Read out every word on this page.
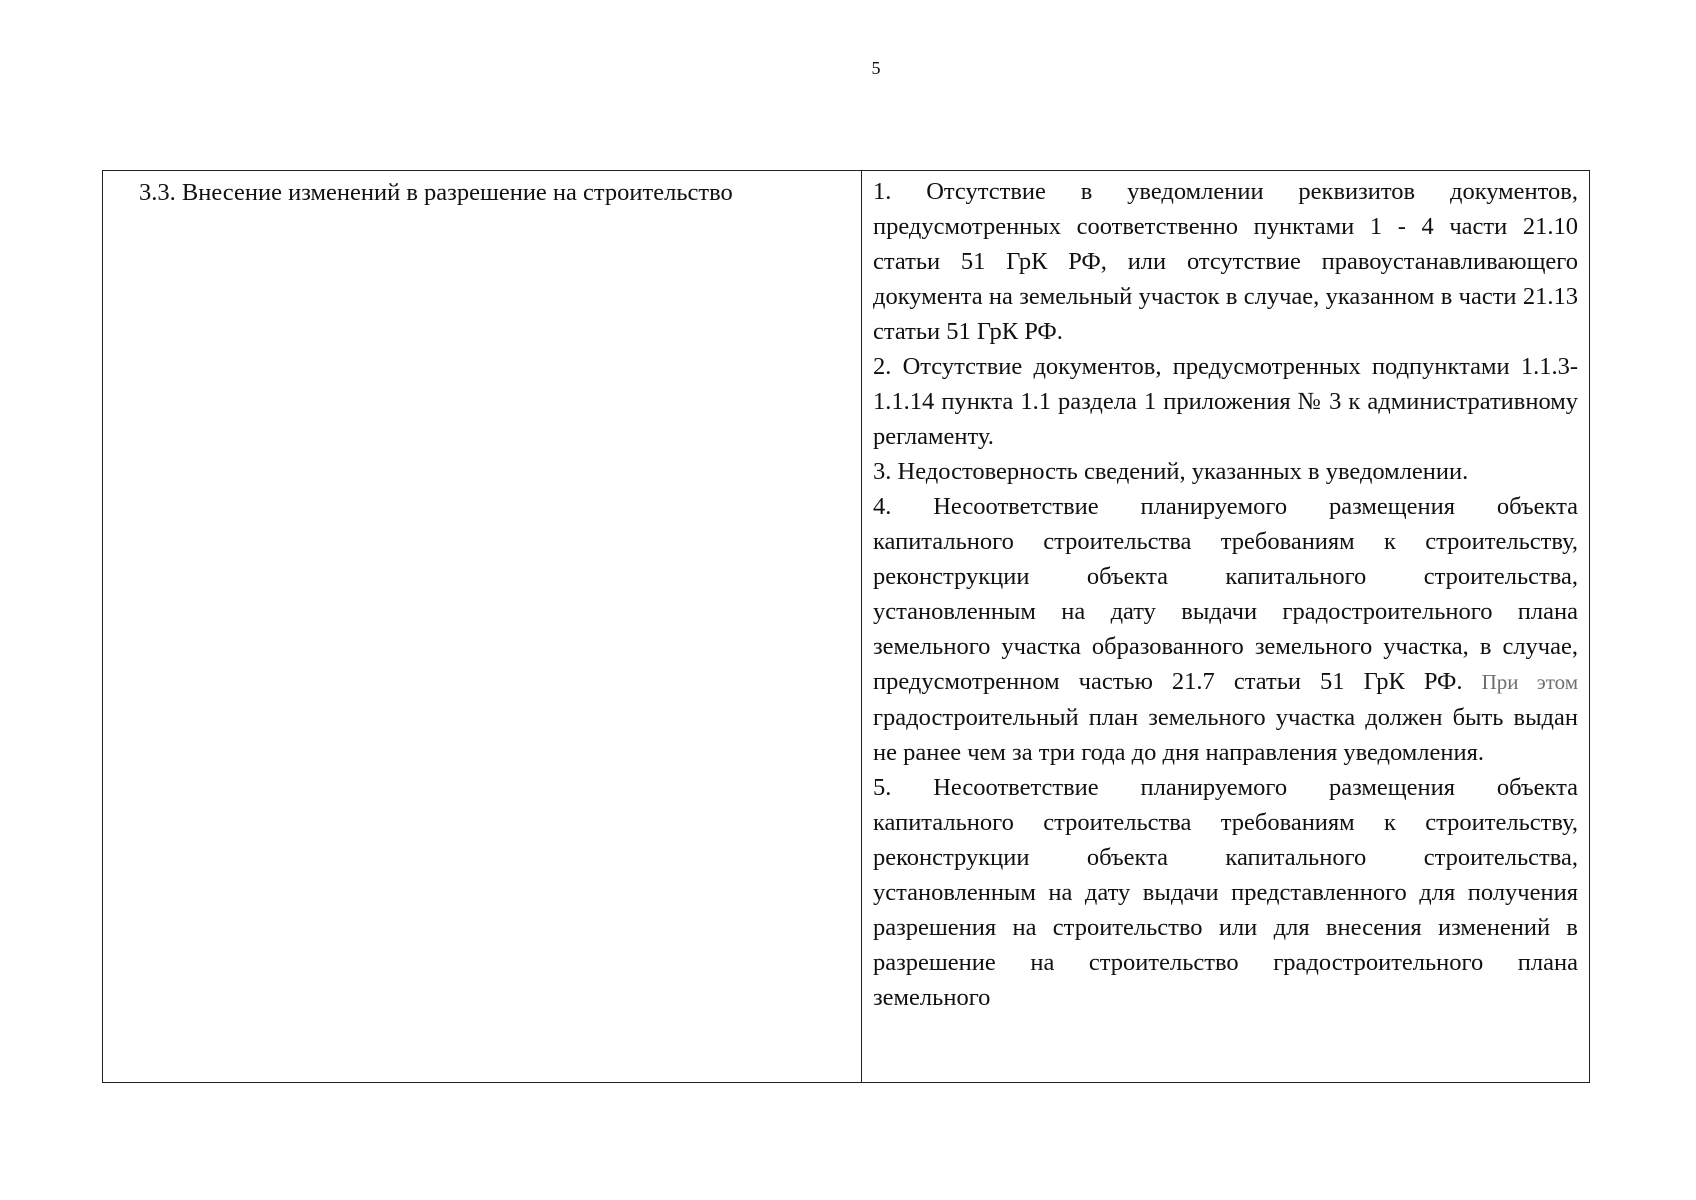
5
3.3. Внесение изменений в разрешение на строительство	1. Отсутствие в уведомлении реквизитов документов, предусмотренных соответственно пунктами 1 - 4 части 21.10 статьи 51 ГрК РФ, или отсутствие правоустанавливающего документа на земельный участок в случае, указанном в части 21.13 статьи 51 ГрК РФ.

2. Отсутствие документов, предусмотренных подпунктами 1.1.3-1.1.14 пункта 1.1 раздела 1 приложения № 3 к административному регламенту.

3. Недостоверность сведений, указанных в уведомлении.

4. Несоответствие планируемого размещения объекта капитального строительства требованиям к строительству, реконструкции объекта капитального строительства, установленным на дату выдачи градостроительного плана земельного участка образованного земельного участка, в случае, предусмотренном частью 21.7 статьи 51 ГрК РФ. При этом градостроительный план земельного участка должен быть выдан не ранее чем за три года до дня направления уведомления.

5. Несоответствие планируемого размещения объекта капитального строительства требованиям к строительству, реконструкции объекта капитального строительства, установленным на дату выдачи представленного для получения разрешения на строительство или для внесения изменений в разрешение на строительство градостроительного плана земельного
